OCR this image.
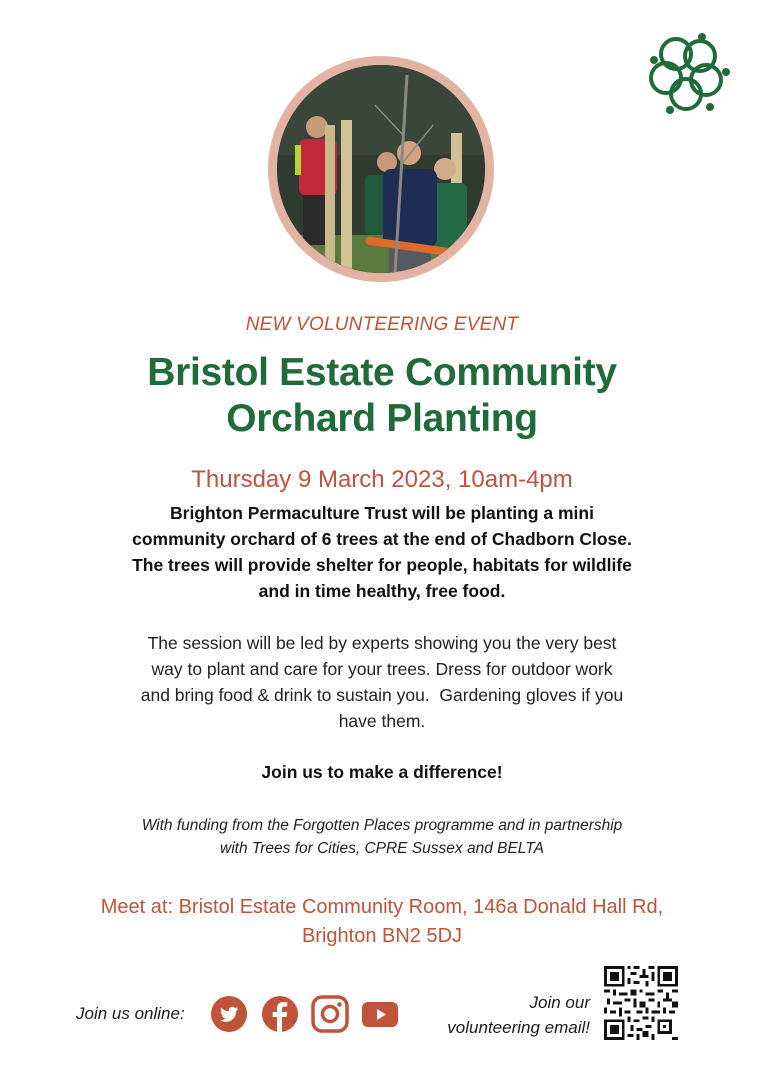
NEW VOLUNTEERING EVENT
Bristol Estate Community
Orchard Planting
Thursday 9 March 2023, 10am-4pm
Brighton Permaculture Trust will be planting a mini
community orchard of 6 trees at the end of Chadborn Close.
The trees will provide shelter for people, habitats for wildlife
and in time healthy, free food.
The session will be led by experts showing you the very best
way to plant and care for your trees. Dress for outdoor work
and bring food & drink to sustain you.  Gardening gloves if you
have them.
Join us to make a difference!
With funding from the Forgotten Places programme and in partnership
with Trees for Cities, CPRE Sussex and BELTA
Meet at: Bristol Estate Community Room, 146a Donald Hall Rd,
Brighton BN2 5DJ
Join us online:
Join our
volunteering email!
